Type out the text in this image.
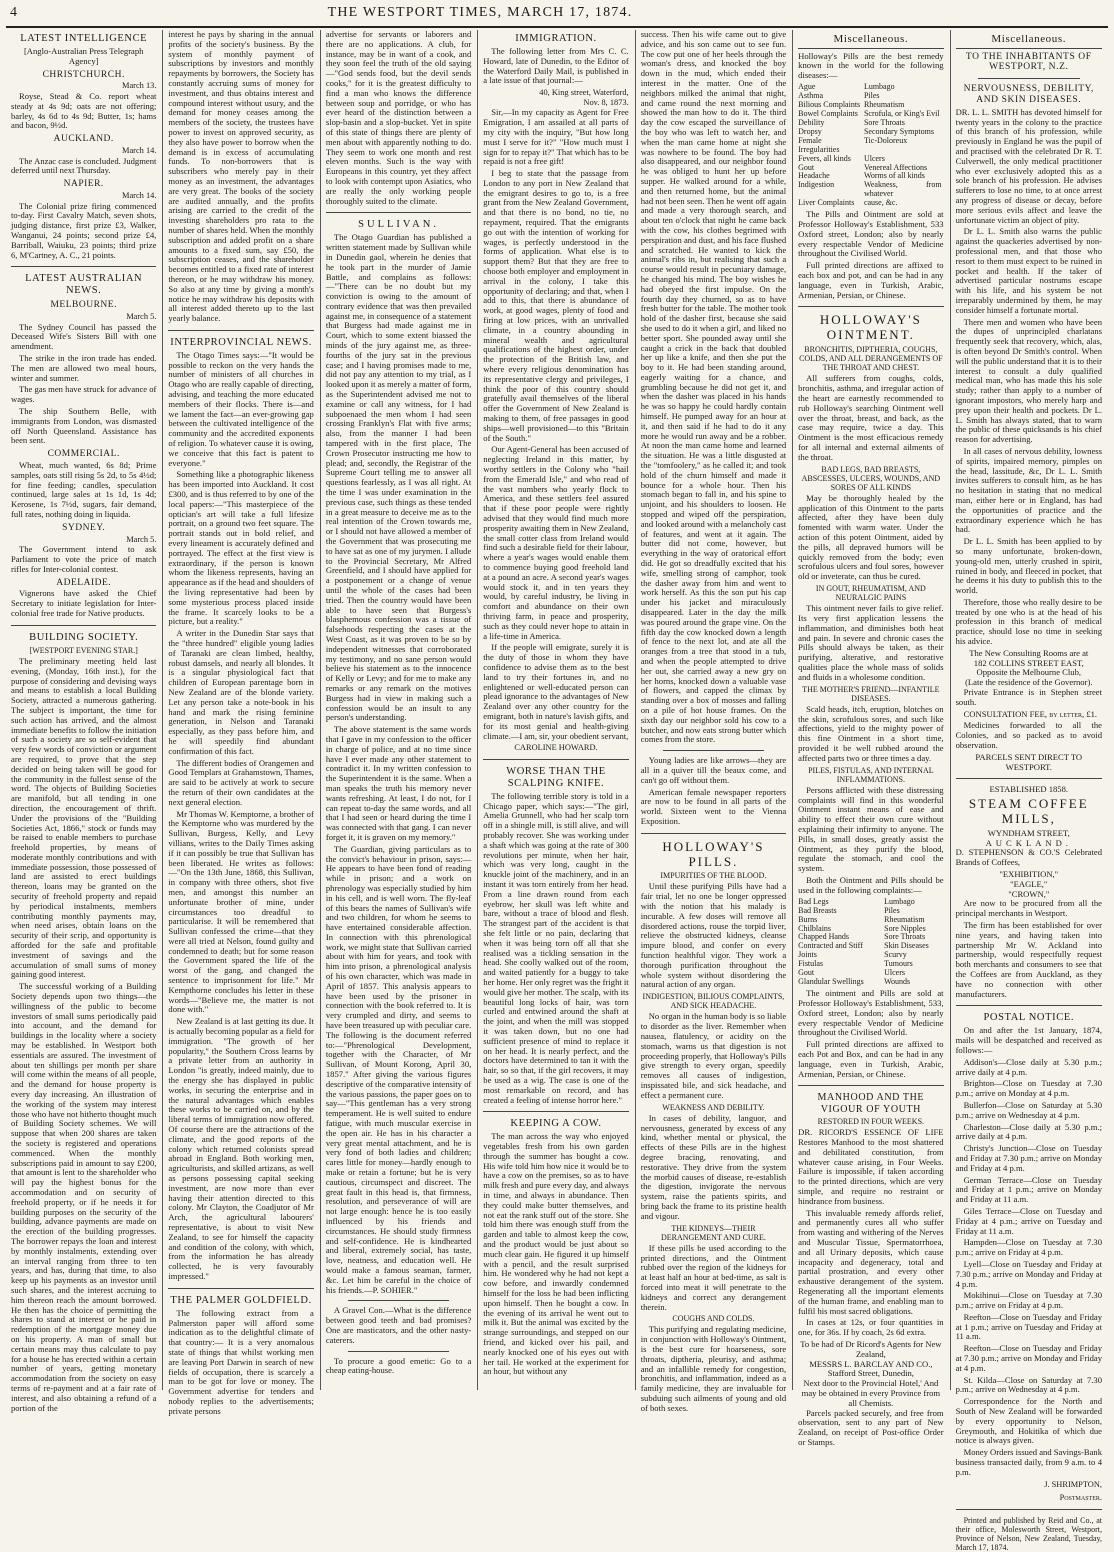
4	THE WESTPORT TIMES, MARCH 17, 1874.
LATEST INTELLIGENCE
[Anglo-Australian Press Telegraph Agency]
CHRISTCHURCH.
March 13.

Royse, Stead & Co. report wheat steady at 4s 9d; oats are not offering; barley, 4s 6d to 4s 9d; Butter, 1s; hams and bacon, 9½d.

AUCKLAND.
March 14.

The Anzac case is concluded. Judgment deferred until next Thursday.

NAPIER.
March 14.

The Colonial prize firing commenced to-day. First Cavalry Match, seven shots, judging distance, first prize £3, Walker, Wanganui, 24 points; second prize £4, Barriball, Waiuku, 23 points; third prize 6, M'Cartney, A. C., 21 points.

LATEST AUSTRALIAN NEWS.
MELBOURNE.
March 5.

The Sydney Council has passed the Deceased Wife's Sisters Bill with one amendment.

The strike in the iron trade has ended. The men are allowed two meal hours, winter and summer.

The gas men have struck for advance of wages.

The ship Southern Belle, with immigrants from London, was dismasted off North Queensland. Assistance has been sent.

COMMERCIAL.

Wheat, much wanted, 6s 8d; Prime samples, oats still rising 5s 2d, to 5s 4½d; for fine feeding; candles, speculation continued, large sales at 1s 1d, 1s 4d; Kerosene, 1s 7½d, sugars, fair demand, full rates, nothing doing in liquida.

SYDNEY.
March 5.

The Government intend to ask Parliament to vote the price of match rifles for Inter-colonial contest.

ADELAIDE.

Vignerons have asked the Chief Secretary to initiate legislation for Inter-colonial free trade for Native products.

BUILDING SOCIETY.
[WESTPORT EVENING STAR.]

The preliminary meeting held last evening, (Monday, 16th inst.), for the purpose of considering and devising ways and means to establish a local Building Society, attracted a numerous gathering. The subject is important, the time for such action has arrived, and the almost immediate benefits to follow the initiation of such a society are so self-evident that very few words of conviction or argument are required, to prove that the step decided on being taken will be good for the community in the fullest sense of the word. The objects of Building Societies are manifold, but all tending in one direction, the encouragement of thrift. Under the provisions of the "Building Societies Act, 1866," stock or funds may be raised to enable members to purchase freehold properties, by means of moderate monthly contributions and with immediate possession, those possessed of land are assisted to erect buildings thereon, loans may be granted on the security of freehold property and repaid by periodical instalments, members contributing monthly payments may, when need arises, obtain loans on the security of their scrip, and opportunity is afforded for the safe and profitable investment of savings and the accumulation of small sums of money gaining good interest.

The successful working of a Building Society depends upon two things—the willingness of the public to become investors of small sums periodically paid into account, and the demand for buildings in the locality where a society may be established. In Westport both essentials are assured. The investment of about ten shillings per month per share will come within the means of all people, and the demand for house property is every day increasing. An illustration of the working of the system may interest those who have not hitherto thought much of Building Society schemes. We will suppose that when 200 shares are taken the society is registered and operations commenced. When the monthly subscriptions paid in amount to say £200, that amount is lent to the shareholder who will pay the highest bonus for the accommodation and on security of freehold property, or if he needs it for building purposes on the security of the building, advance payments are made on the erection of the building progresses. The borrower repays the loan and interest by monthly instalments, extending over an interval ranging from three to ten years, and has, during that time, to also keep up his payments as an investor until such shares, and the interest accruing to him thereon reach the amount borrowed. He then has the choice of permitting the shares to stand at interest or be paid in redemption of the mortgage money due on his property. A man of small but certain means may thus calculate to pay for a house he has erected within a certain number of years, getting monetary accommodation from the society on easy terms of re-payment and at a fair rate of interest, and also obtaining a refund of a portion of the

interest he pays by sharing in the annual profits of the society's business. By the system of monthly payment of subscriptions by investors and monthly repayments by borrowers, the Society has constantly accruing sums of money for investment, and thus obtains interest and compound interest without usury, and the demand for money ceases among the members of the society, the trustees have power to invest on approved security, as they also have power to borrow when the demand is in excess of accumulating funds. To non-borrowers that is subscribers who merely pay in their money as an investment, the advantages are very great. The books of the society are audited annually, and the profits arising are carried to the credit of the investing shareholders pro rata to the number of shares held. When the monthly subscription and added profit on a share amounts to a fixed sum, say £50, the subscription ceases, and the shareholder becomes entitled to a fixed rate of interest thereon, or he may withdraw his money. So also at any time by giving a month's notice he may withdraw his deposits with all interest added thereto up to the last yearly balance.

INTERPROVINCIAL NEWS.

The Otago Times says:—"It would be possible to reckon on the very hands the number of ministers of all churches in Otago who are really capable of directing, advising, and teaching the more educated members of their flocks. There is—and we lament the fact—an ever-growing gap between the cultivated intelligence of the community and the accredited exponents of religion. To whatever cause it is owing, we conceive that this fact is patent to everyone."

Something like a photographic likeness has been imported into Auckland. It cost £300, and is thus referred to by one of the local papers:—"This masterpiece of the optician's art will take a full lifesize portrait, on a ground two feet square. The portrait stands out in bold relief, and every lineament is accurately defined and portrayed. The effect at the first view is extraordinary, if the person is known whom the likeness represents, having an appearance as if the head and shoulders of the living representative had been by some mysterious process placed inside the frame. It scarcely looks to be a picture, but a reality."

A writer in the Dunedin Star says that the "three hundred" eligible young ladies of Taranaki are clean limbed, healthy, robust damsels, and nearly all blondes. It is a singular physiological fact that children of European parentage born in New Zealand are of the blonde variety. Let any person take a note-book in his hand and mark the rising feminine generation, in Nelson and Taranaki especially, as they pass before him, and he will speedily find abundant confirmation of this fact.

The different bodies of Orangemen and Good Templars at Grahamstown, Thames, are said to be actively at work to secure the return of their own candidates at the next general election.

Mr Thomas W. Kemptorne, a brother of the Kemptorne who was murdered by the Sullivan, Burgess, Kelly, and Levy villians, writes to the Daily Times asking if it can possibly be true that Sullivan has been liberated. He writes as follows:—"On the 13th June, 1868, this Sullivan, in company with three others, shot five men, and amongst this number an unfortunate brother of mine, under circumstances too dreadful to particularise. It will be remembered that Sullivan confessed the crime—that they were all tried at Nelson, found guilty and condemned to death; but for some reason the Government spared the life of the worst of the gang, and changed the sentence to imprisonment for life." Mr Kempthorne concludes his letter in these words—"Believe me, the matter is not done with."

New Zealand is at last getting its due. It is actually becoming popular as a field for immigration. "The growth of her popularity," the Southern Cross learns by a private letter from an authority in London "is greatly, indeed mainly, due to the energy she has displayed in public works, in securing the enterprise and in the natural advantages which enables these works to be carried on, and by the liberal terms of immigration now offered. Of course there are the attractions of the climate, and the good reports of the colony which returned colonists spread abroad in England. Both working men, agriculturists, and skilled artizans, as well as persons possessing capital seeking investment, are now more than ever having their attention directed to this colony. Mr Clayton, the Coadjutor of Mr Arch, the agricultural labourers' representative, is about to visit New Zealand, to see for himself the capacity and condition of the colony, with which, from the information he has already collected, he is very favourably impressed."

THE PALMER GOLDFIELD.

The following extract from a Palmerston paper will afford some indication as to the delightful climate of that country:— It is a very anomalous state of things that whilst working men are leaving Port Darwin in search of new fields of occupation, there is scarcely a man to be got for love or money. The Government advertise for tenders and nobody replies to the advertisements; private persons

advertise for servants or laborers and there are no applications. A club, for instance, may be in want of a cook, and they soon feel the truth of the old saying—"God sends food, but the devil sends cooks," for it is the greatest difficulty to find a man who knows the difference between soup and porridge, or who has ever heard of the distinction between a slop-basin and a slop-bucket. Yet in spite of this state of things there are plenty of men about with apparently nothing to do. They seem to work one month and rest eleven months. Such is the way with Europeans in this country, yet they affect to look with contempt upon Asiatics, who are really the only working people thoroughly suited to the climate.

SULLIVAN.

The Otago Guardian has published a written statement made by Sullivan while in Dunedin gaol, wherein he denies that he took part in the murder of Jamie Battle, and complains as follows:—"There can be no doubt but my conviction is owing to the amount of contrary evidence that was then prevailed against me, in consequence of a statement that Burgess had made against me in Court, which to some extent biassed the minds of the jury against me, as three-fourths of the jury sat in the previous case; and I having promises made to me, did not pay any attention to my trial, as I looked upon it as merely a matter of form, as the Superintendent advised me not to examine or call any witness, for I had subpoenaed the men whom I had seen crossing Franklyn's Flat with five arms; also, from the manner I had been tampered with in the first place, The Crown Prosecutor instructing me how to plead; and, secondly, the Registrar of the Supreme Court telling me to answer all questions fearlessly, as I was all right. At the time I was under examination in the previous case, such things as these tended in a great measure to deceive me as to the real intention of the Crown towards me, or I should not have allowed a member of the Government that was prosecuting me to have sat as one of my jurymen. I allude to the Provincial Secretary, Mr Alfred Greenfield, and I should have applied for a postponement or a change of venue until the whole of the cases had been tried. Then the country would have been able to have seen that Burgess's blasphemous confession was a tissue of falsehoods respecting the cases at the West Coast, as it was proven to be so by independent witnesses that corroborated my testimony, and no sane person would believe his statement as to the innocence of Kelly or Levy; and for me to make any remarks or any remark on the motives Burgess had in view in making such a confession would be an insult to any person's understanding.

The above statement is the same words that I gave in my confession to the officer in charge of police, and at no time since have I ever made any other statement to contradict it. In my written confession to the Superintendent it is the same. When a man speaks the truth his memory never wants refreshing. At least, I do not, for I can repeat to-day the same words, and all that I had seen or heard during the time I was connected with that gang. I can never forget it, it is graven on my memory."

The Guardian, giving particulars as to the convict's behaviour in prison, says:—He appears to have been fond of reading while in prison; and a work on phrenology was especially studied by him in his cell, and is well worn. The fly-leaf of this bears the names of Sullivan's wife and two children, for whom he seems to have entertained considerable affection. In connection with this phrenological work, we might state that Sullivan carried about with him for years, and took with him into prison, a phrenological analysis of his own character, which was made in April of 1857. This analysis appears to have been used by the prisoner in connection with the book referred to. It is very crumpled and dirty, and seems to have been treasured up with peculiar care. The following is the document referred to:—"Phrenological Development, together with the Character, of Mr Sullivan, of Mount Korong, April 30, 1857." After giving the various figures descriptive of the comparative intensity of the various passions, the paper goes on to say—"This gentleman has a very strong temperament. He is well suited to endure fatigue, with much muscular exercise in the open air. He has in his character a very great mental attachment, and he is very fond of both ladies and children; cares little for money—hardly enough to make or retain a fortune; but he is very cautious, circumspect and discreet. The great fault in this head is, that firmness, resolution, and perseverance of will are not large enough: hence he is too easily influenced by his friends and circumstances. He should study firmness and self-confidence. He is kindhearted and liberal, extremely social, has taste, love, neatness, and education well. He would make a famous seaman, farmer, &c. Let him be careful in the choice of his friends.—P. SOHIER."

A Gravel Con.—What is the difference between good teeth and bad promises? One are masticators, and the other nasty-caterers.

To procure a good emetic: Go to a cheap eating-house.

IMMIGRATION.

The following letter from Mrs C. C. Howard, late of Dunedin, to the Editor of the Waterford Daily Mail, is published in a late issue of that journal:—

40, King street, Waterford,
Nov. 8, 1873.

Sir,—In my capacity as Agent for Free Emigration, I am assailed at all parts of my city with the inquiry, "But how long must I serve for it?" "How much must I sign for to repay it?" That which has to be repaid is not a free gift!

I beg to state that the passage from London to any port in New Zealand that the emigrant desires to go to, is a free grant from the New Zealand Government, and that there is no bond, no tie, no repayment, required. That the emigrants go out with the intention of working for wages, is perfectly understood in the forms of application. What else is to support them? But that they are free to choose both employer and employment in arrival in the colony, I take this opportunity of declaring; and that, when I add to this, that there is abundance of work, at good wages, plenty of food and firing at low prices, with an unrivalled climate, in a country abounding in mineral wealth and agricultural qualifications of the highest order, under the protection of the British law, and where every religious denomination has its representative clergy and privileges, I think the poor of this country should gratefully avail themselves of the liberal offer the Government of New Zealand is making to them, of free passages in good ships—well provisioned—to this "Britain of the South."

Our Agent-General has been accused of neglecting Ireland in this matter, by worthy settlers in the Colony who "hail from the Emerald Isle," and who read of the vast numbers who yearly flock to America, and these settlers feel assured that if these poor people were rightly advised that they would find much more prosperity awaiting them in New Zealand, the small cotter class from Ireland would find such a desirable field for their labour, where a year's wages would enable them to commence buying good freehold land at a pound an acre. A second year's wages would stock it, and in ten years they would, by careful industry, be living in comfort and abundance on their own thriving farm, in peace and prosperity, such as they could never hope to attain in a life-time in America.

If the people will emigrate, surely it is the duty of those in whom they have confidence to advise them as to the best land to try their fortunes in, and no enlightened or well-educated person can plead ignorance to the advantages of New Zealand over any other country for the emigrant, both in nature's lavish gifts, and for its most genial and health-giving climate.—I am, sir, your obedient servant,

CAROLINE HOWARD.
WORSE THAN THE SCALPING KNIFE.

The following terrible story is told in a Chicago paper, which says:—"The girl, Amelia Grunnell, who had her scalp torn off in a shingle mill, is still alive, and will probably recover. She was working under a shaft which was going at the rate of 300 revolutions per minute, when her hair, which was very long, caught in the knuckle joint of the machinery, and in an instant it was torn entirely from her head. From a line drawn round from each eyebrow, her skull was left white and bare, without a trace of blood and flesh. The strangest part of the accident is that she felt little or no pain, declaring that when it was being torn off all that she realised was a tickling sensation in the head. She coolly walked out of the room, and waited patiently for a buggy to take her home. Her only regret was the fright it would give her mother. The scalp, with its beautiful long locks of hair, was torn curled and entwined around the shaft at the joint, and when the mill was stopped it was taken down, but no one had sufficient presence of mind to replace it on her head. It is nearly perfect, and the doctors have determined to tan it with the hair, so so that, if the girl recovers, it may be used as a wig. The case is one of the most remarkable on record, and has created a feeling of intense horror here."

KEEPING A COW.

The man across the way who enjoyed vegetables fresh from his own garden through the summer has bought a cow. His wife told him how nice it would be to have a cow on the premises, so as to have milk fresh and pure every day, and always in time, and always in abundance. Then they could make butter themselves, and not eat the rank stuff out of the store. She told him there was enough stuff from the garden and table to almost keep the cow, and the product would be just about so much clear gain. He figured it up himself with a pencil, and the result surprised him. He wondered why he had not kept a cow before, and inwardly condemned himself for the loss he had been inflicting upon himself. Then he bought a cow. In the evening of its arrival he went out to milk it. But the animal was excited by the strange surroundings, and stepped on our friend, and kicked over his pail, and nearly knocked one of his eyes out with her tail. He worked at the experiment for an hour, but without any

success. Then his wife came out to give advice, and his son came out to see fun. The cow put one of her heels through the woman's dress, and knocked the boy down in the mud, which ended their interest in the matter. One of the neighbors milked the animal that night, and came round the next morning and showed the man how to do it. The third day the cow escaped the surveillance of the boy who was left to watch her, and when the man came home at night she was nowhere to be found. The boy had also disappeared, and our neighbor found he was obliged to hunt her up before supper. He walked around for a while, and then returned home, but the animal had not been seen. Then he went off again and made a very thorough search, and about ten o'clock that night he came back with the cow, his clothes begrimed with perspiration and dust, and his face flushed and scratched. He wanted to kick the animal's ribs in, but realising that such a course would result in pecuniary damage, he changed his mind. The boy wishes he had obeyed the first impulse. On the fourth day they churned, so as to have fresh butter for the table. The mother took hold of the dasher first, because she said she used to do it when a girl, and liked no better sport. She pounded away until she caught a crick in the back that doubled her up like a knife, and then she put the boy to it. He had been standing around, eagerly waiting for a chance, and grumbling because he did not get it, and when the dasher was placed in his hands he was so happy he could hardly contain himself. He pumped away for an hour at it, and then said if he had to do it any more he would run away and be a robber. At noon the man came home and learned the situation. He was a little disgusted at the "tomfoolery," as he called it; and took hold of the churn himself and made it bounce for a whole hour. Then his stomach began to fall in, and his spine to unjoint, and his shoulders to loosen. He stopped and wiped off the perspiration, and looked around with a melancholy cast of features, and went at it again. The butter did not come, however, but everything in the way of oratorical effort did. He got so dreadfully excited that his wife, smelling strong of camphor, took the dasher away from him and went to work herself. As this the son put his cap under his jacket and miraculously disappeared. Later in the day the milk was poured around the grape vine. On the fifth day the cow knocked down a length of fence to the next lot, and ate all the oranges from a tree that stood in a tub, and when the people attempted to drive her out, she carried away a new gry on her horns, knocked down a valuable vase of flowers, and capped the climax by standing over a box of mosses and falling on a pile of hot house frames. On the sixth day our neighbor sold his cow to a butcher, and now eats strong butter which comes from the store.

Young ladies are like arrows—they are all in a quiver till the beaux come, and can't go off without them.

American female newspaper reporters are now to be found in all parts of the world. Sixteen went to the Vienna Exposition.

HOLLOWAY'S PILLS.
IMPURITIES OF THE BLOOD.

Until these purifying Pills have had a fair trial, let no one be longer oppressed with the notion that his malady is incurable. A few doses will remove all disordered actions, rouse the torpid liver, relieve the obstructed kidneys, cleanse impure blood, and confer on every function healthful vigor. They work a thorough purification throughout the whole system without disordering the natural action of any organ.

INDIGESTION, BILIOUS COMPLAINTS, AND SICK HEADACHE.

No organ in the human body is so liable to disorder as the liver. Remember when nausea, flatulency, or acidity on the stomach, warns us that digestion is not proceeding properly, that Holloway's Pills give strength to every organ, speedily removes all causes of indigestion, inspissated bile, and sick headache, and effect a permanent cure.

WEAKNESS AND DEBILITY.

In cases of debility, languor, and nervousness, generated by excess of any kind, whether mental or physical, the effects of these Pills are in the highest degree bracing, renovating, and restorative. They drive from the system the morbid causes of disease, re-establish the digestion, invigorate the nervous system, raise the patients spirits, and bring back the frame to its pristine health and vigour.

THE KIDNEYS—THEIR DERANGEMENT AND CURE.

If these pills be used according to the printed directions, and the Ointment rubbed over the region of the kidneys for at least half an hour at bed-time, as salt is forced into meat it will penetrate to the kidneys and correct any derangement therein.

COUGHS AND COLDS.

This purifying and regulating medicine, in conjunction with Holloway's Ointment, is the best cure for hoarseness, sore throats, diptheria, pleurisy, and asthma; and an infallible remedy for congestion, bronchitis, and inflammation, indeed as a family medicine, they are invaluable for subduing such ailments of young and old of both sexes.

Miscellaneous.

Holloway's Pills are the best remedy known in the world for the following diseases:—

Ague	Lumbago
Asthma	Piles
Bilious Complaints	Rheumatism
Bowel Complaints	Scrofula, or King's Evil
Debility	Sore Throats
Dropsy	Secondary Symptoms
Female Irregularities	Tic-Doloreux
Fevers, all kinds	Ulcers
Gout	Venereal Affections
Headache	Worms of all kinds
Indigestion	Weakness, from whatever
Liver Complaints	cause, &c.

The Pills and Ointment are sold at Professor Holloway's Establishment, 533 Oxford street, London; also by nearly every respectable Vendor of Medicine throughout the Civilised World.

Full printed directions are affixed to each box and pot, and can be had in any language, even in Turkish, Arabic, Armenian, Persian, or Chinese.

HOLLOWAY'S OINTMENT.
BRONCHITIS, DIPTHERIA, COUGHS, COLDS, AND ALL DERANGEMENTS OF THE THROAT AND CHEST.

All sufferers from coughs, colds, bronchitis, asthma, and irregular action of the heart are earnestly recommended to rub Holloway's searching Ointment well over the throat, breast, and back, as the case may require, twice a day. This Ointment is the most efficacious remedy for all internal and external ailments of the throat.

BAD LEGS, BAD BREASTS, ABSCESSES, ULCERS, WOUNDS, AND SORES OF ALL KINDS

May be thoroughly healed by the application of this Ointment to the parts affected, after they have been duly fomented with warm water. Under the action of this potent Ointment, aided by the pills, all depraved humors will be quickly removed from the body; even scrofulous ulcers and foul sores, however old or inveterate, can thus be cured.

IN GOUT, RHEUMATISM, AND NEURALGIC PAINS

This ointment never fails to give relief. Its very first application lessens the inflammation, and diminishes both heat and pain. In severe and chronic cases the Pills should always be taken, as their purifying, alterative, and restorative qualities place the whole mass of solids and fluids in a wholesome condition.

THE MOTHER'S FRIEND—INFANTILE DISEASES.

Scald heads, itch, eruption, blotches on the skin, scrofulous sores, and such like affections, yield to the mighty power of this fine Ointment in a short time, provided it be well rubbed around the affected parts two or three times a day.

PILES, FISTULAS, AND INTERNAL INFLAMMATIONS.

Persons afflicted with these distressing complaints will find in this wonderful Ointment instant means of ease and ability to effect their own cure without explaining their infirmity to anyone. The Pills, in small doses, greatly assist the Ointment, as they purify the blood, regulate the stomach, and cool the system.

Both the Ointment and Pills should be used in the following complaints:—

Bad Legs	Lumbago
Bad Breasts	Piles
Burns	Rheumatism
Chilblains	Sore Nipples
Chapped Hands	Sore Throats
Contracted and Stiff	Skin Diseases
Joints	Scurvy
Fistulas	Tumours
Gout	Ulcers
Glandular Swellings	Wounds

The ointment and Pills are sold at Professor Holloway's Establishment, 533, Oxford street, London; also by nearly every respectable Vendor of Medicine throughout the Civilised World.

Full printed directions are affixed to each Pot and Box, and can be had in any language, even in Turkish, Arabic, Armenian, Persian, or Chinese.

MANHOOD AND THE VIGOUR OF YOUTH
RESTORED IN FOUR WEEKS.

DR. RICORD'S ESSENCE OF LIFE Restores Manhood to the most shattered and debilitated constitution, from whatever cause arising, in Four Weeks. Failure is impossible, if taken according to the printed directions, which are very simple, and require no restraint or hindrance from business.

This invaluable remedy affords relief, and permanently cures all who suffer from wasting and withering of the Nerves and Muscular Tissue, Spermatorrhoea, and all Urinary deposits, which cause incapacity and degeneracy, total and partial prostration, and every other exhaustive derangement of the system. Regenerating all the important elements of the human frame, and enabling man to fulfil his most sacred obligations.

In cases at 12s, or four quantities in one, for 36s. If by coach, 2s 6d extra.

To be had of Dr Ricord's Agents for New Zealand,
MESSRS L. BARCLAY AND CO.,
Stafford Street, Dunedin,
Next door to the Provincial Hotel,' And may be obtained in every Province from all Chemists.

Parcels packed securely, and free from observation, sent to any part of New Zealand, on receipt of Post-office Order or Stamps.

Miscellaneous.
TO THE INHABITANTS OF WESTPORT, N.Z.
NERVOUSNESS, DEBILITY, AND SKIN DISEASES.

DR. L. L. SMITH has devoted himself for twenty years in the colony to the practice of this branch of his profession, while previously in England he was the pupil of and practised with the celebrated Dr R. T. Culverwell, the only medical practitioner who ever exclusively adopted this as a sole branch of his profession. He advises sufferers to lose no time, to at once arrest any progress of disease or decay, before more serious evils affect and leave the unfortunate victim an object of pity.

Dr L. L. Smith also warns the public against the quackeries advertised by non-professional men, and that those who resort to them must expect to be ruined in pocket and health. If the taker of advertised particular nostrums escape with his life, and his system be not irreparably undermined by them, he may consider himself a fortunate mortal.

There men and women who have been the dupes of unprincipled charlatans frequently seek that recovery, which, alas, is often beyond Dr Smith's control. When will the public understand that it is to their interest to consult a duly qualified medical man, who has made this his sole study; rather than apply to a number of ignorant impostors, who merely harp and prey upon their health and pockets. Dr L. L. Smith has always stated, that to warn the public of these quicksands is his chief reason for advertising.

In all cases of nervous debility, lowness of spirits, impaired memory, pimples on the head, lassitude, &c, Dr L. L. Smith invites sufferers to consult him, as he has no hesitation in stating that no medical man, either here or in England, has had the opportunities of practice and the extraordinary experience which he has had.

Dr L. L. Smith has been applied to by so many unfortunate, broken-down, young-old men, utterly crushed in spirit, ruined in body, and fleeced in pocket, that he deems it his duty to publish this to the world.

Therefore, those who really desire to be treated by one who is at the head of his profession in this branch of medical practice, should lose no time in seeking his advice.

The New Consulting Rooms are at
182 COLLINS STREET EAST,
Opposite the Melbourne Club,
(Late the residence of the Governor).

Private Entrance is in Stephen street south.

CONSULTATION FEE, by letter, £1.

Medicines forwarded to all the Colonies, and so packed as to avoid observation.

PARCELS SENT DIRECT TO WESTPORT.
ESTABLISHED 1858.
STEAM COFFEE MILLS,
WYNDHAM STREET,
AUCKLAND.

D. STEPHENSON & CO.'S Celebrated Brands of Coffees,

"EXHIBITION,"
"EAGLE,"
"CROWN,"

Are now to be procured from all the principal merchants in Westport.

The firm has been established for over nine years, and having taken into partnership Mr W. Ackland into partnership, would respectfully request both merchants and consumers to see that the Coffees are from Auckland, as they have no connection with other manufacturers.

POSTAL NOTICE.

On and after the 1st January, 1874, mails will be despatched and received as follows:—

Addison's—Close daily at 5.30 p.m.; arrive daily at 4 p.m.

Brighton—Close on Tuesday at 7.30 p.m.; arrive on Monday at 4 p.m.

Bullerfon—Close on Saturday at 5.30 p.m.; arrive on Wednesday at 4 p.m.

Charleston—Close daily at 5.30 p.m.; arrive daily at 4 p.m.

Christy's Junction—Close on Tuesday and Friday at 7.30 p.m.; arrive on Monday and Friday at 4 p.m.

German Terrace—Close on Tuesday and Friday at 1 p.m.; arrive on Monday and Friday at 11 a.m.

Giles Terrace—Close on Tuesday and Friday at 4 p.m.; arrive on Tuesday and Friday at 11 a.m.

Hampden—Close on Tuesday at 7.30 p.m.; arrive on Friday at 4 p.m.

Lyell—Close on Tuesday and Friday at 7.30 p.m.; arrive on Monday and Friday at 4 p.m.

Mokihinui—Close on Tuesday at 7.30 p.m.; arrive on Friday at 4 p.m.

Reefton—Close on Tuesday and Friday at 1 p.m.; arrive on Tuesday and Friday at 11 a.m.

Reefton—Close on Tuesday and Friday at 7.30 p.m.; arrive on Monday and Friday at 4 p.m.

St. Kilda—Close on Saturday at 7.30 p.m.; arrive on Wednesday at 4 p.m.

Correspondence for the North and South of New Zealand will be forwarded by every opportunity to Nelson, Greymouth, and Hokitika of which due notice is always given.

Money Orders issued and Savings-Bank business transacted daily, from 9 a.m. to 4 p.m.

J. SHRIMPTON,
Postmaster.

Printed and published by Reid and Co., at their office, Molesworth Street, Westport, Province of Nelson, New Zealand, Tuesday, March 17, 1874.
